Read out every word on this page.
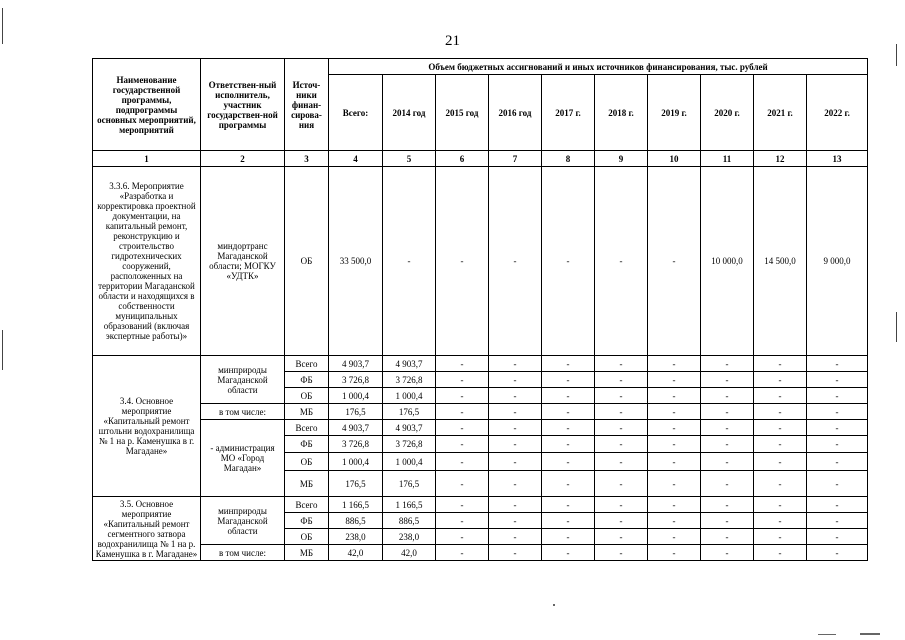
21
Наименование государственной программы, подпрограммы основных мероприятий, мероприятий	Ответствен-ный исполнитель, участник государствен-ной программы	Источ-ники финан-сирова-ния	Объем бюджетных ассигнований и иных источников финансирования, тыс. рублей									
			Всего:	2014 год	2015 год	2016 год	2017 г.	2018 г.	2019 г.	2020 г.	2021 г.	2022 г.
1	2	3	4	5	6	7	8	9	10	11	12	13
3.3.6. Мероприятие «Разработка и корректировка проектной документации, на капитальный ремонт, реконструкцию и строительство гидротехнических сооружений, расположенных на территории Магаданской области и находящихся в собственности муниципальных образований (включая экспертные работы)»	миндортранс Магаданской области; МОГКУ «УДТК»	ОБ	33 500,0	-	-	-	-	-	-	10 000,0	14 500,0	9 000,0
3.4. Основное мероприятие «Капитальный ремонт штольни водохранилища № 1 на р. Каменушка в г. Магадане»	минприроды Магаданской области	Всего	4 903,7	4 903,7	-	-	-	-	-	-	-	-
		ФБ	3 726,8	3 726,8	-	-	-	-	-	-	-	-
		ОБ	1 000,4	1 000,4	-	-	-	-	-	-	-	-
	в том числе:	МБ	176,5	176,5	-	-	-	-	-	-	-	-
	- администрация МО «Город Магадан»	Всего	4 903,7	4 903,7	-	-	-	-	-	-	-	-
		ФБ	3 726,8	3 726,8	-	-	-	-	-	-	-	-
		ОБ	1 000,4	1 000,4	-	-	-	-	-	-	-	-
		МБ	176,5	176,5	-	-	-	-	-	-	-	-
3.5. Основное мероприятие «Капитальный ремонт сегментного затвора водохранилища № 1 на р. Каменушка в г. Магадане»	минприроды Магаданской области	Всего	1 166,5	1 166,5	-	-	-	-	-	-	-	-
		ФБ	886,5	886,5	-	-	-	-	-	-	-	-
		ОБ	238,0	238,0	-	-	-	-	-	-	-	-
	в том числе:	МБ	42,0	42,0	-	-	-	-	-	-	-	-
